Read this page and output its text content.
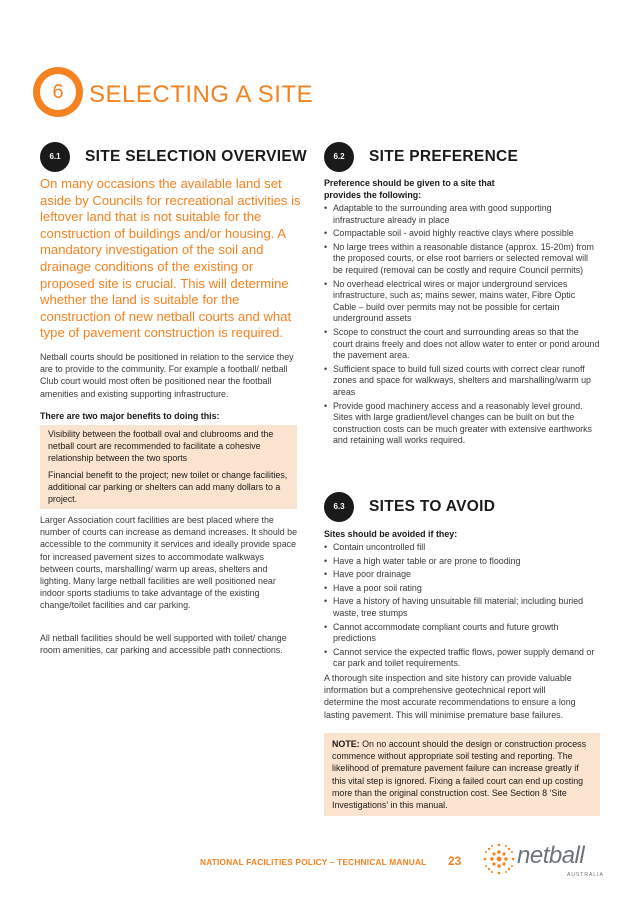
6	SELECTING A SITE
6.1	SITE SELECTION OVERVIEW

On many occasions the available land set aside by Councils for recreational activities is leftover land that is not suitable for the construction of buildings and/or housing. A mandatory investigation of the soil and drainage conditions of the existing or proposed site is crucial. This will determine whether the land is suitable for the construction of new netball courts and what type of pavement construction is required.

Netball courts should be positioned in relation to the service they are to provide to the community. For example a football/ netball Club court would most often be positioned near the football amenities and existing supporting infrastructure.

There are two major benefits to doing this:

Visibility between the football oval and clubrooms and the netball court are recommended to facilitate a cohesive relationship between the two sports
Financial benefit to the project; new toilet or change facilities, additional car parking or shelters can add many dollars to a project.

Larger Association court facilities are best placed where the number of courts can increase as demand increases. It should be accessible to the community it services and ideally provide space for increased pavement sizes to accommodate walkways between courts, marshalling/ warm up areas, shelters and lighting. Many large netball facilities are well positioned near indoor sports stadiums to take advantage of the existing change/toilet facilities and car parking.

All netball facilities should be well supported with toilet/ change room amenities, car parking and accessible path connections.

6.2	SITE PREFERENCE

Preference should be given to a site that provides the following:

• Adaptable to the surrounding area with good supporting infrastructure already in place
• Compactable soil - avoid highly reactive clays where possible
• No large trees within a reasonable distance (approx. 15-20m) from the proposed courts, or else root barriers or selected removal will be required (removal can be costly and require Council permits)
• No overhead electrical wires or major underground services infrastructure, such as; mains sewer, mains water, Fibre Optic Cable – build over permits may not be possible for certain underground assets
• Scope to construct the court and surrounding areas so that the court drains freely and does not allow water to enter or pond around the pavement area.
• Sufficient space to build full sized courts with correct clear runoff zones and space for walkways, shelters and marshalling/warm up areas
• Provide good machinery access and a reasonably level ground. Sites with large gradient/level changes can be built on but the construction costs can be much greater with extensive earthworks and retaining wall works required.
6.3	SITES TO AVOID

Sites should be avoided if they:

• Contain uncontrolled fill
• Have a high water table or are prone to flooding
• Have poor drainage
• Have a poor soil rating
• Have a history of having unsuitable fill material; including buried waste, tree stumps
• Cannot accommodate compliant courts and future growth predictions
• Cannot service the expected traffic flows, power supply demand or car park and toilet requirements.

A thorough site inspection and site history can provide valuable information but a comprehensive geotechnical report will determine the most accurate recommendations to ensure a long lasting pavement. This will minimise premature base failures.

NOTE: On no account should the design or construction process commence without appropriate soil testing and reporting. The likelihood of premature pavement failure can increase greatly if this vital step is ignored. Fixing a failed court can end up costing more than the original construction cost. See Section 8 ‘Site Investigations’ in this manual.
NATIONAL FACILITIES POLICY – TECHNICAL MANUAL 23 netball
AUSTRALIA
